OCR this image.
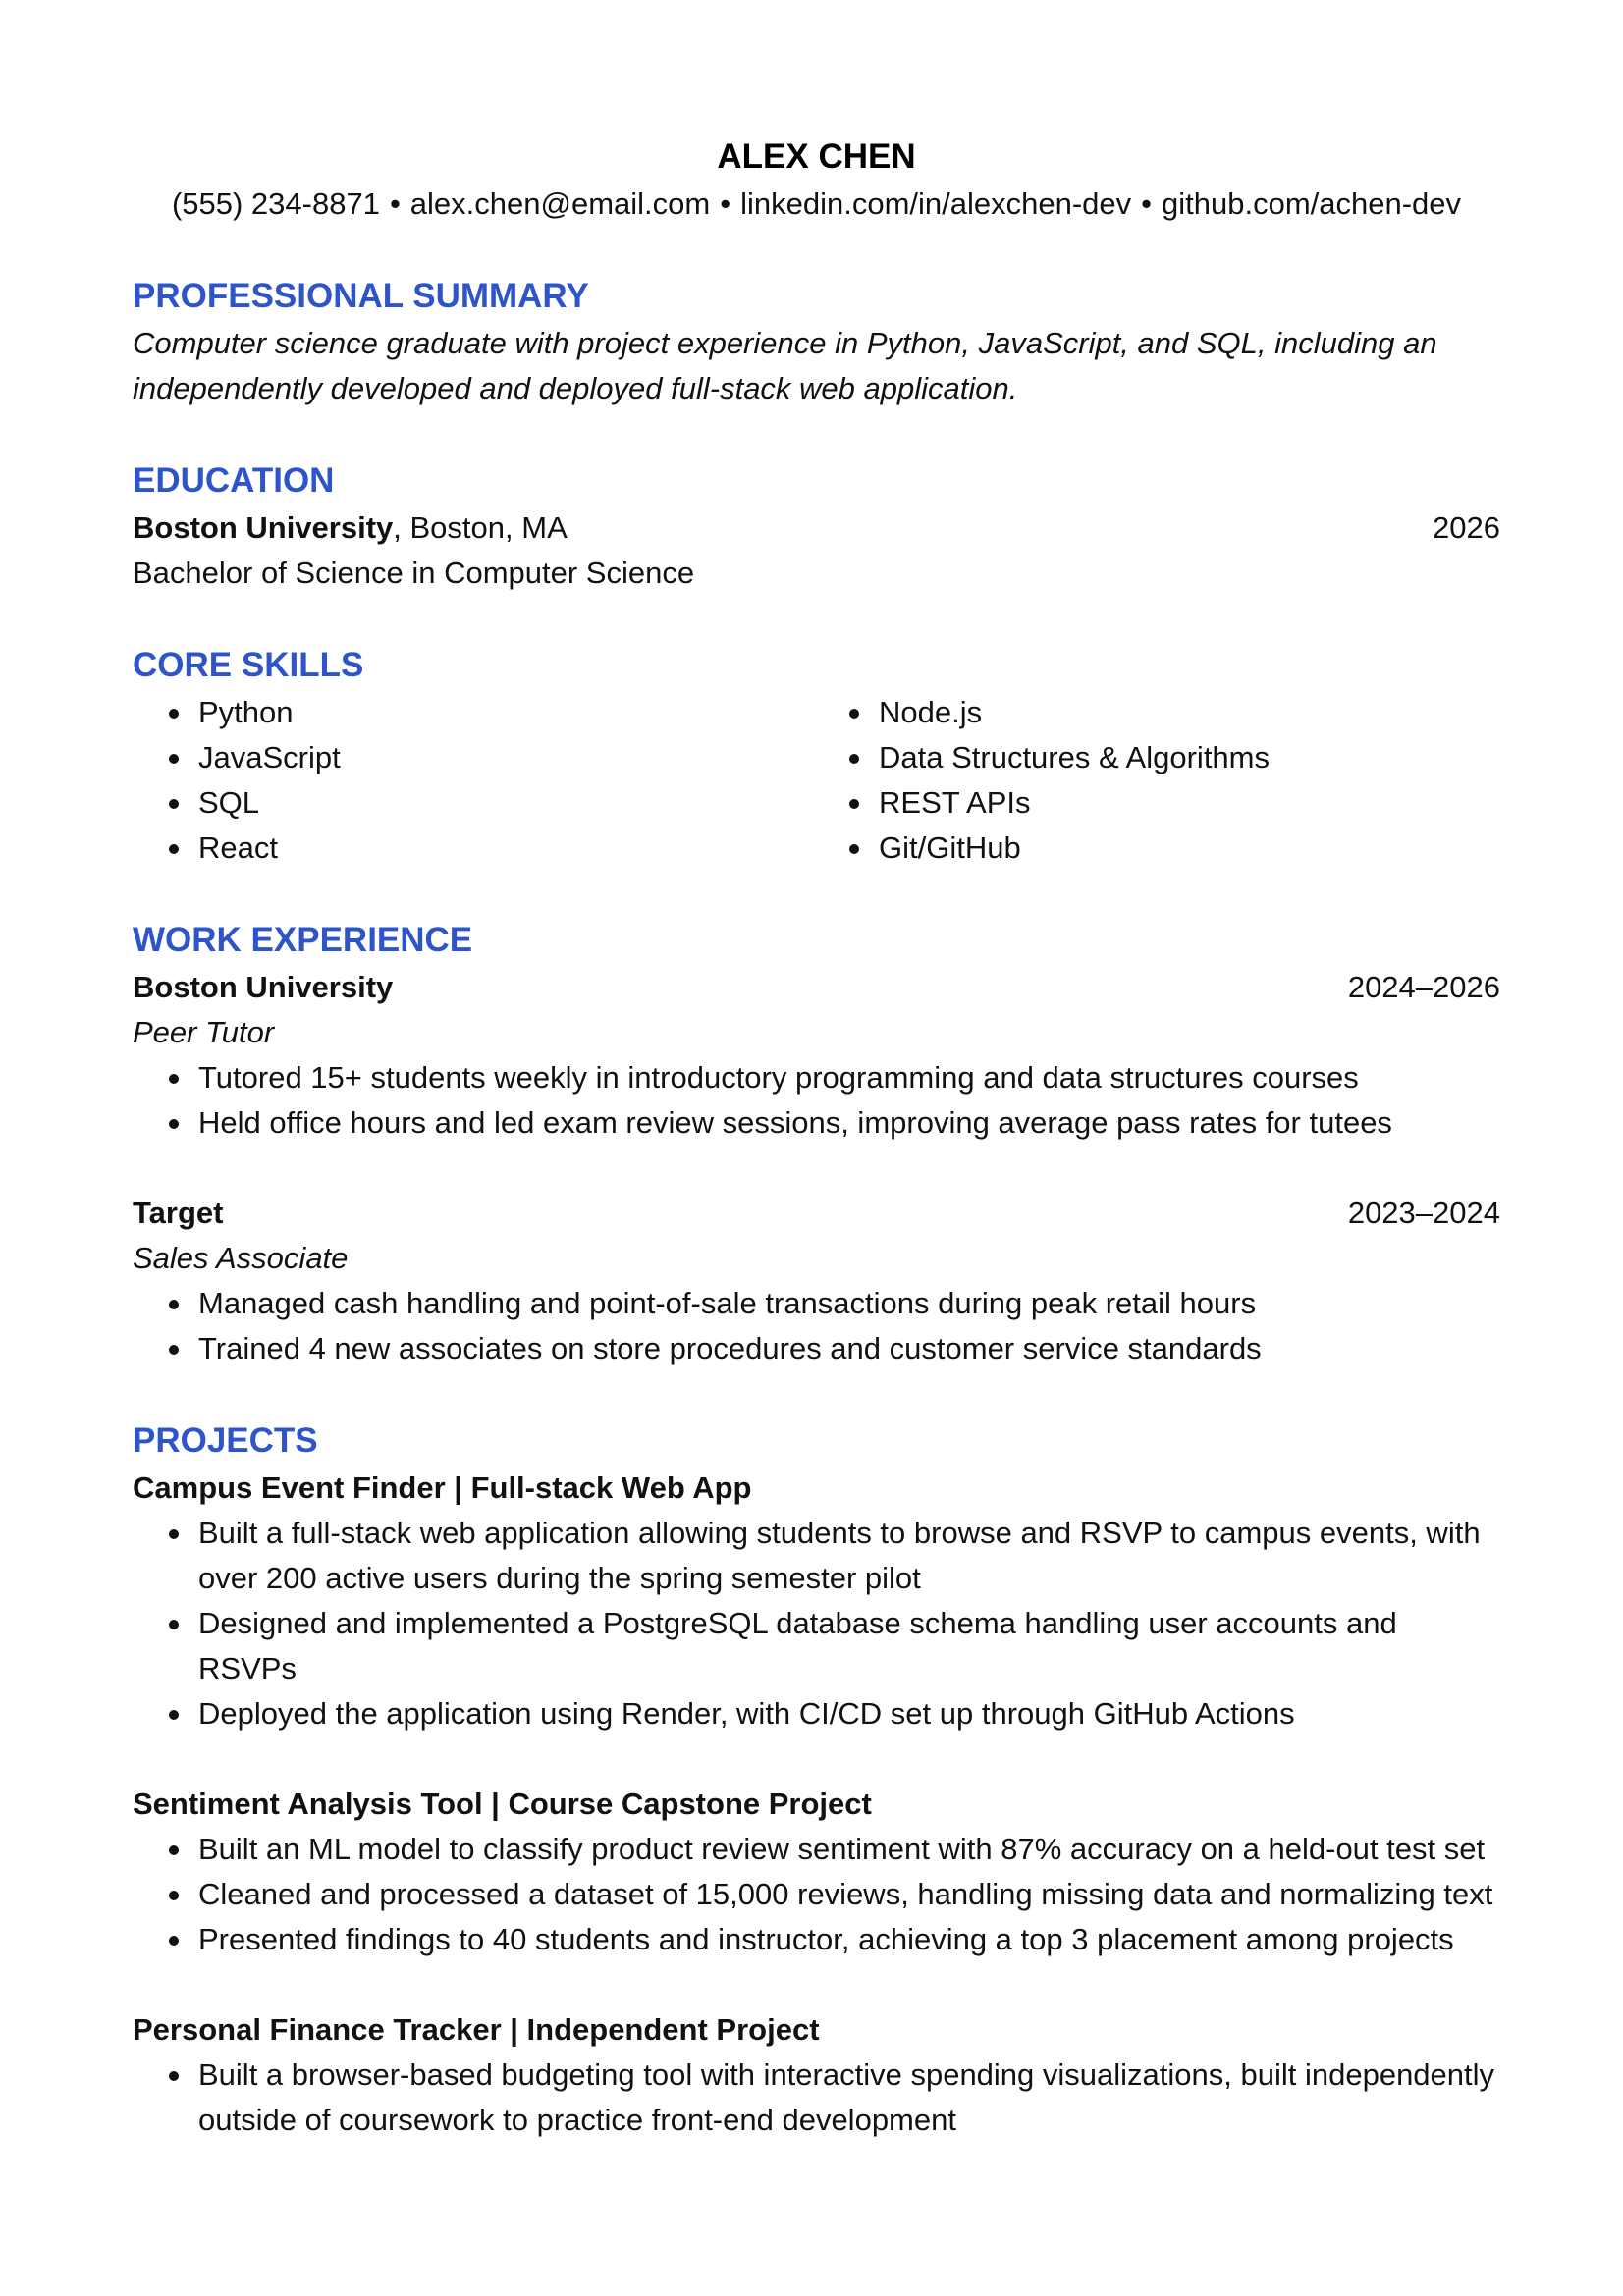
ALEX CHEN

(555) 234-8871 • alex.chen@email.com • linkedin.com/in/alexchen-dev • github.com/achen-dev

PROFESSIONAL SUMMARY

Computer science graduate with project experience in Python, JavaScript, and SQL, including an independently developed and deployed full-stack web application.

EDUCATION
Boston University, Boston, MA	2026
Bachelor of Science in Computer Science
CORE SKILLS
Python
JavaScript
SQL
React
Node.js
Data Structures & Algorithms
REST APIs
Git/GitHub
WORK EXPERIENCE
Boston University	2024–2026
Peer Tutor
Tutored 15+ students weekly in introductory programming and data structures courses
Held office hours and led exam review sessions, improving average pass rates for tutees
Target	2023–2024
Sales Associate
Managed cash handling and point-of-sale transactions during peak retail hours
Trained 4 new associates on store procedures and customer service standards
PROJECTS
Campus Event Finder | Full-stack Web App
Built a full-stack web application allowing students to browse and RSVP to campus events, with over 200 active users during the spring semester pilot
Designed and implemented a PostgreSQL database schema handling user accounts and RSVPs
Deployed the application using Render, with CI/CD set up through GitHub Actions
Sentiment Analysis Tool | Course Capstone Project
Built an ML model to classify product review sentiment with 87% accuracy on a held-out test set
Cleaned and processed a dataset of 15,000 reviews, handling missing data and normalizing text
Presented findings to 40 students and instructor, achieving a top 3 placement among projects
Personal Finance Tracker | Independent Project
Built a browser-based budgeting tool with interactive spending visualizations, built independently outside of coursework to practice front-end development
